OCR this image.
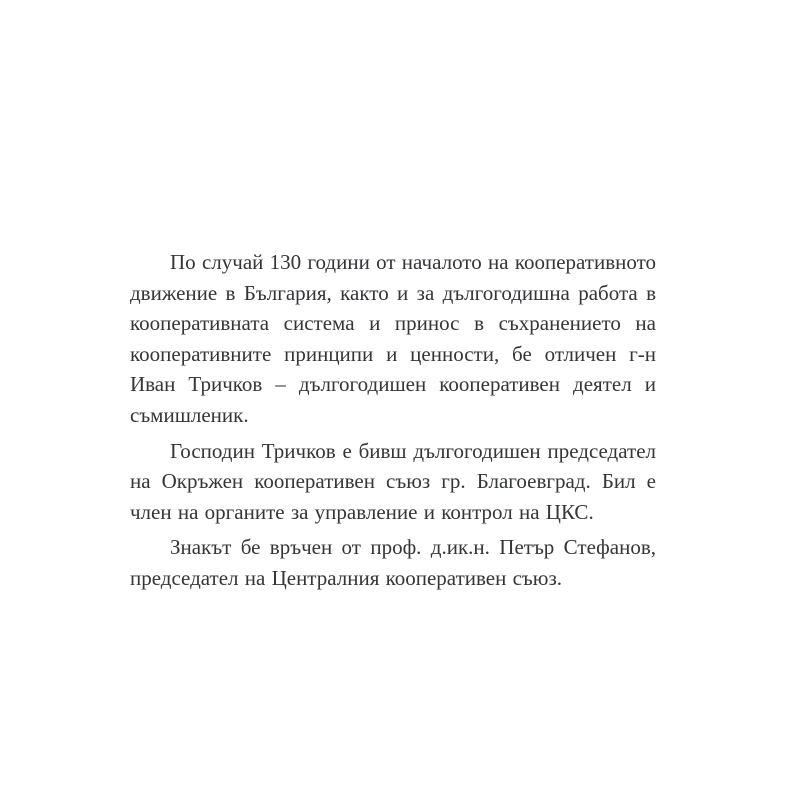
По случай 130 години от началото на кооперативното движение в България, както и за дългогодишна работа в кооперативната система и принос в съхранението на кооперативните принципи и ценности, бе отличен г-н Иван Тричков – дългогодишен кооперативен деятел и съмишленик.

Господин Тричков е бивш дългогодишен председател на Окръжен кооперативен съюз гр. Благоевград. Бил е член на органите за управление и контрол на ЦКС.

Знакът бе връчен от проф. д.ик.н. Петър Стефанов, председател на Централния кооперативен съюз.
